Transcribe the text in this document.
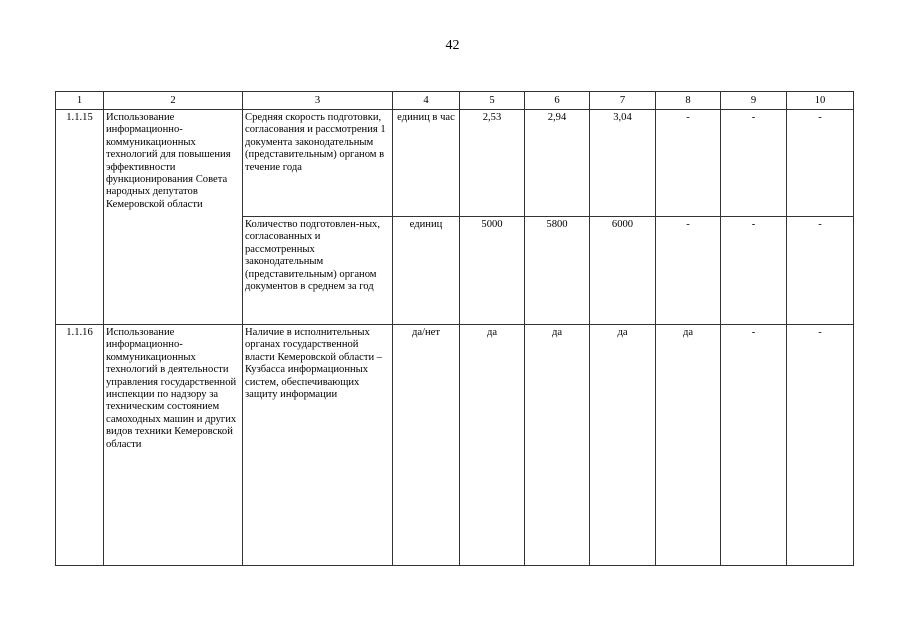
42
1	2	3	4	5	6	7	8	9	10

1.1.15	Использование информационно-коммуникационных технологий для повышения эффективности функционирования Совета народных депутатов Кемеровской области	Средняя скорость подготовки, согласования и рассмотрения 1 документа законодательным (представительным) органом в течение года	единиц в час	2,53	2,94	3,04	-	-	-

		Количество подготовлен-ных, согласованных и рассмотренных законодательным (представительным) органом документов в среднем за год	единиц	5000	5800	6000	-	-	-

1.1.16	Использование информационно-коммуникационных технологий в деятельности управления государственной инспекции по надзору за техническим состоянием самоходных машин и других видов техники Кемеровской области	Наличие в исполнительных органах государственной власти Кемеровской области – Кузбасса информационных систем, обеспечивающих защиту информации	да/нет	да	да	да	да	-	-
